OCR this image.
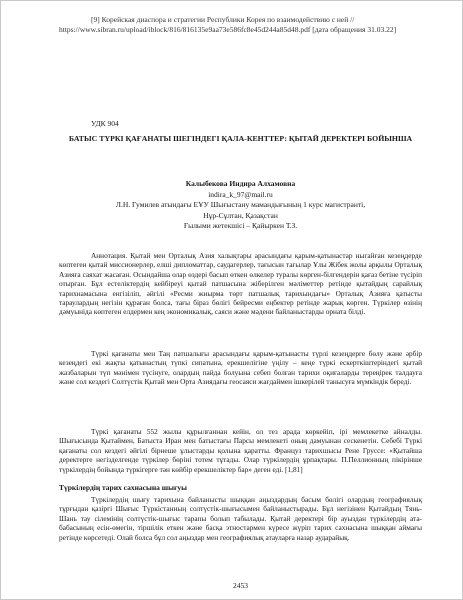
[9] Корейская диаспора и стратегии Республики Корея по взаимодействию с ней // https://www.sibran.ru/upload/iblock/816/816135e9aa73e586fc8e45d244a85d48.pdf [дата обращения 31.03.22]

УДК 904

БАТЫС ТҮРКІ ҚАҒАНАТЫ ШЕГІНДЕГІ ҚАЛА-КЕНТТЕР: ҚЫТАЙ ДЕРЕКТЕРІ БОЙЫНША
Калыбекова Индира Алхамовна
indira_k_97@mail.ru
Л.Н. Гумилев атындағы ЕҰУ Шығыстану мамандығының 1 курс магистранті,
Нұр-Сұлтан, Қазақстан
Ғылыми жетекшісі – Қайыркен Т.З.

Аннотация. Қытай мен Орталық Азия халықтары арасындағы қарым-қатынастар ныгайған кезеңдерде көптеген қытай миссионерлер, елші дипломаттар, саудагерлер, тағысын тағылар Ұлы Жібек жолы арқылы Орталық Азияға саяхат жасаған. Осындайша олар өздері басып өткен өлкелер туралы көрген-білгендерін қағаз бетіне түсіріп отырған. Бұл естеліктердің кейбіреуі қытай патшасына жіберілген мәліметтер ретінде қытайдың сарайлық тарихнамасына енгізіліп, әйгілі «Ресми жиырма төрт патшалық тарихындағы» Орталық Азияға қатысты тараулардың негізін құраған болса, тағы бірaз бөлігі бейресми еңбектер ретінде жарық көрген. Түркілер өзінің дәмуынідa көптеген елдермен кең экономикалық, саяси және мәдени байланыстарды орната білді.

Түркі қағанаты мен Таң патшалығы арасындағы қарым-қатынасты түрлі кезеңдерге бөлу және әрбір кезеңдегі екі жақты қатынастың түпкі сипатына, ерекшелігіне үңілу – кеңе түркі ескерткіштеріндегі қытай жазбаларын түп мәнімен түсінуге, олардың пайда болуына себеп болған тарихи оқиғаларды тереңірек талдауға және сол кездегі Солтүстік Қытай мен Орта Азиядағы геосаяси жағдаймен ішкерілей танысуға мүмкіндік береді.

Түркі қағанаты 552 жылы құрылғаннан кейін, ол тез арада көркейіп, ірі мемлекетке айналды. Шығысында Қытаймен, Батыста Иран мен батыстағы Парсы мемлекеті оның дамуынан сескенетін. Себебі Түркі қағанаты сол кездегі әйгілі бірнеше ұлыстарды қолына қаратты. Француз тарихшысы Рене Груссе: «Қытайша деректерге негізделгенде түркілер бөріні тотем тұтады. Олар түркілердің ұрпақтары. П.Пеллионның пікірінше түркілердің бойында түркігерге тән көйбір ерекшеліктер бар» деген еді. [1,81]

Түркілердің тарих сахнасына шығуы

Түркілердің шығу тарихына байланысты шыққан аңыздардың басым бөлігі олардың географиялық тұрғыдан қазіргі Шығыс Түркістанның солтүстік-шығысымен байланыстырады. Бұл негізінен Қытайдың Тянь-Шань тау сілемінің солтүстік-шығыс тарапы болып табылады. Қытай деректері бір ауыздан түркілердің ата-бабасының есін-өмегін, тіршілік еткен және басқа этностармен күресе жүріп тарих сахнасына шыққан аймағы ретінде көрсетеді. Олай болса бұл сол аңыздар мен географиялық атауларға назар аударайық.

2453
